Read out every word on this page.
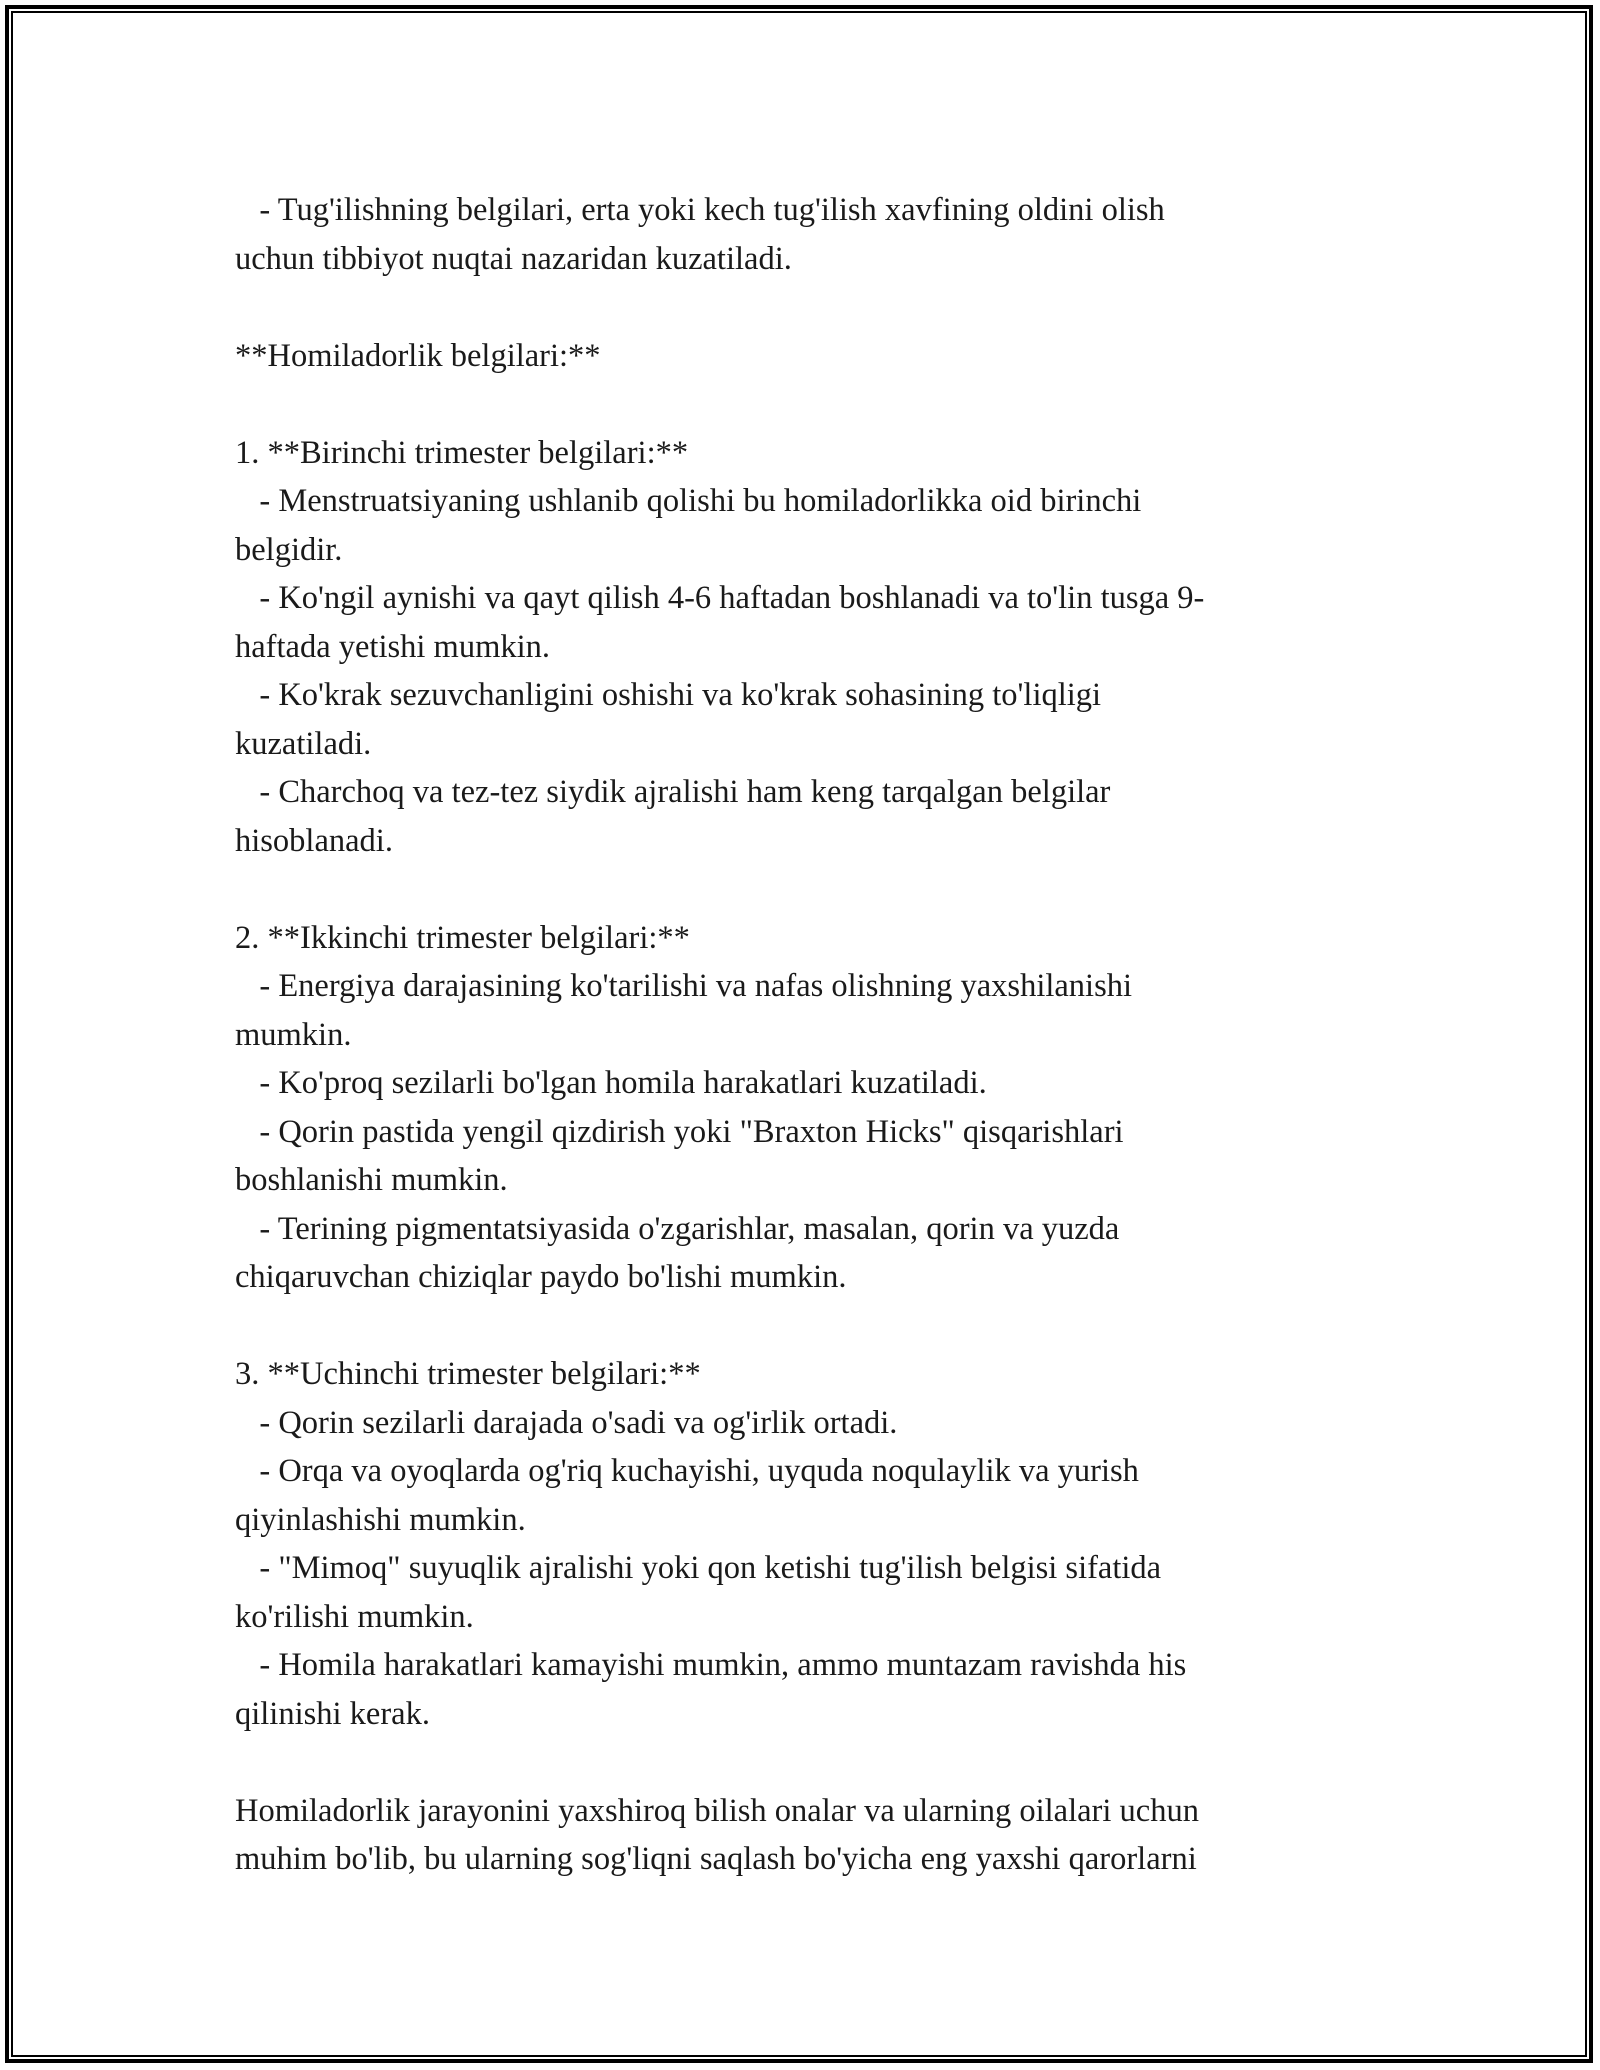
- Tug'ilishning belgilari, erta yoki kech tug'ilish xavfining oldini olish

uchun tibbiyot nuqtai nazaridan kuzatiladi.

**Homiladorlik belgilari:**

1. **Birinchi trimester belgilari:**

- Menstruatsiyaning ushlanib qolishi bu homiladorlikka oid birinchi

belgidir.

- Ko'ngil aynishi va qayt qilish 4-6 haftadan boshlanadi va to'lin tusga 9-

haftada yetishi mumkin.

- Ko'krak sezuvchanligini oshishi va ko'krak sohasining to'liqligi

kuzatiladi.

- Charchoq va tez-tez siydik ajralishi ham keng tarqalgan belgilar

hisoblanadi.

2. **Ikkinchi trimester belgilari:**

- Energiya darajasining ko'tarilishi va nafas olishning yaxshilanishi

mumkin.

- Ko'proq sezilarli bo'lgan homila harakatlari kuzatiladi.

- Qorin pastida yengil qizdirish yoki "Braxton Hicks" qisqarishlari

boshlanishi mumkin.

- Terining pigmentatsiyasida o'zgarishlar, masalan, qorin va yuzda

chiqaruvchan chiziqlar paydo bo'lishi mumkin.

3. **Uchinchi trimester belgilari:**

- Qorin sezilarli darajada o'sadi va og'irlik ortadi.

- Orqa va oyoqlarda og'riq kuchayishi, uyquda noqulaylik va yurish

qiyinlashishi mumkin.

- "Mimoq" suyuqlik ajralishi yoki qon ketishi tug'ilish belgisi sifatida

ko'rilishi mumkin.

- Homila harakatlari kamayishi mumkin, ammo muntazam ravishda his

qilinishi kerak.

Homiladorlik jarayonini yaxshiroq bilish onalar va ularning oilalari uchun

muhim bo'lib, bu ularning sog'liqni saqlash bo'yicha eng yaxshi qarorlarni
